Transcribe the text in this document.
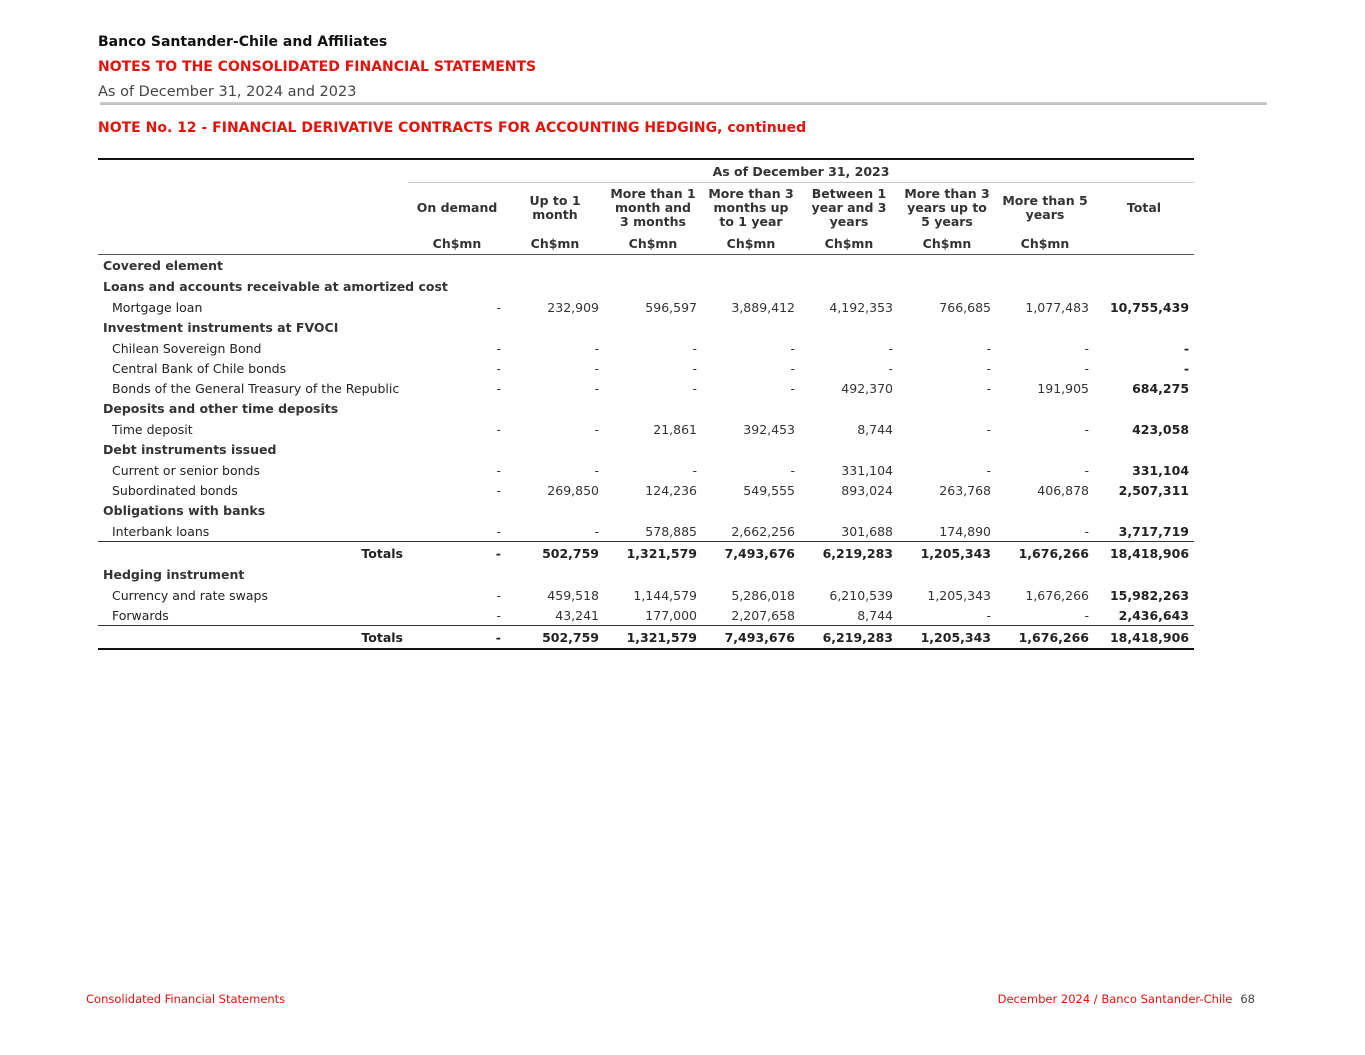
Banco Santander-Chile and Affiliates
NOTES TO THE CONSOLIDATED FINANCIAL STATEMENTS
As of December 31, 2024 and 2023
NOTE No. 12 - FINANCIAL DERIVATIVE CONTRACTS FOR ACCOUNTING HEDGING, continued

	As of December 31, 2023							
	On demand	Up to 1 month	More than 1 month and 3 months	More than 3 months up to 1 year	Between 1 year and 3 years	More than 3 years up to 5 years	More than 5 years	Total
	Ch$mn	Ch$mn	Ch$mn	Ch$mn	Ch$mn	Ch$mn	Ch$mn	
Covered element								
Loans and accounts receivable at amortized cost								
Mortgage loan	-	232,909	596,597	3,889,412	4,192,353	766,685	1,077,483	10,755,439
Investment instruments at FVOCI								
Chilean Sovereign Bond	-	-	-	-	-	-	-	-
Central Bank of Chile bonds	-	-	-	-	-	-	-	-
Bonds of the General Treasury of the Republic	-	-	-	-	492,370	-	191,905	684,275
Deposits and other time deposits								
Time deposit	-	-	21,861	392,453	8,744	-	-	423,058
Debt instruments issued								
Current or senior bonds	-	-	-	-	331,104	-	-	331,104
Subordinated bonds	-	269,850	124,236	549,555	893,024	263,768	406,878	2,507,311
Obligations with banks								
Interbank loans	-	-	578,885	2,662,256	301,688	174,890	-	3,717,719
Totals	-	502,759	1,321,579	7,493,676	6,219,283	1,205,343	1,676,266	18,418,906
Hedging instrument								
Currency and rate swaps	-	459,518	1,144,579	5,286,018	6,210,539	1,205,343	1,676,266	15,982,263
Forwards	-	43,241	177,000	2,207,658	8,744	-	-	2,436,643
Totals	-	502,759	1,321,579	7,493,676	6,219,283	1,205,343	1,676,266	18,418,906
Consolidated Financial Statements	December 2024 / Banco Santander-Chile 68
